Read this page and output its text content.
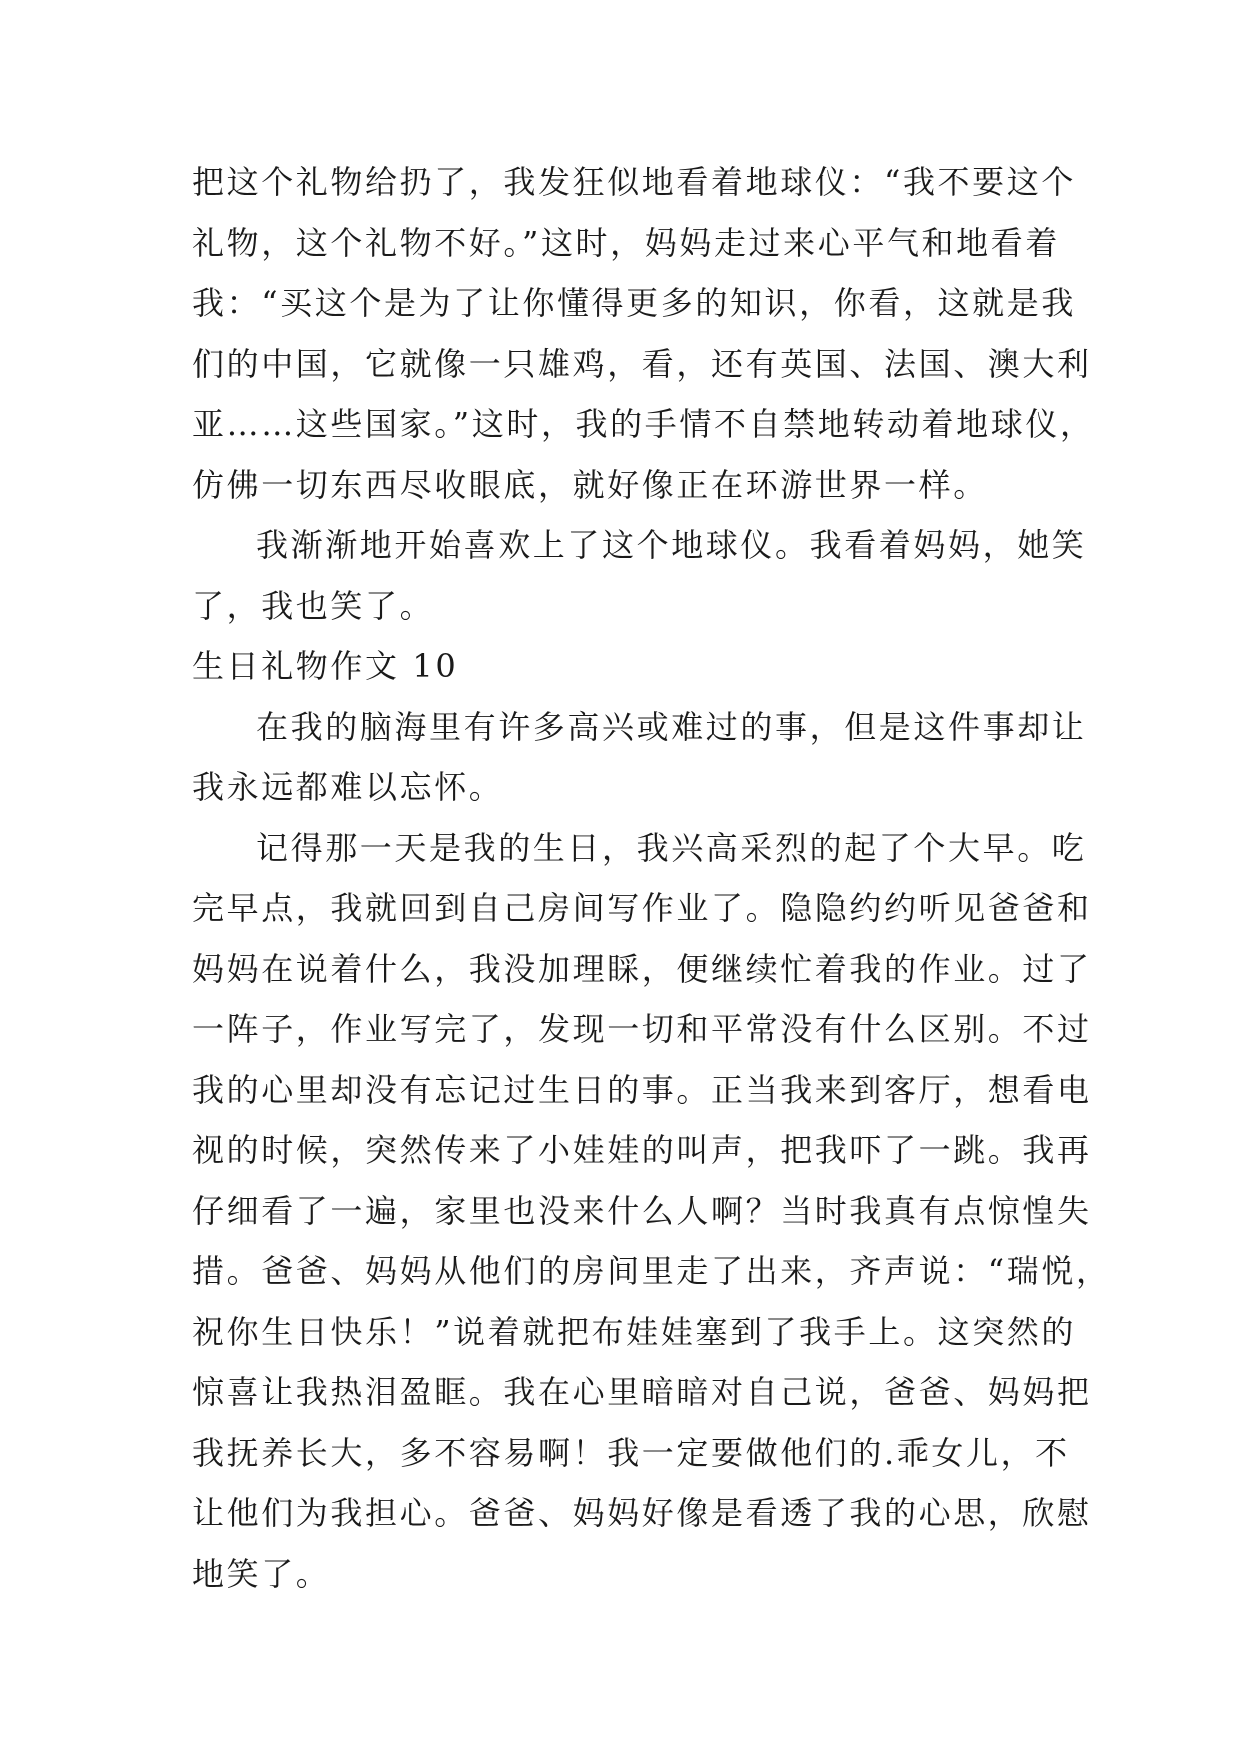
把这个礼物给扔了，我发狂似地看着地球仪：“我不要这个
礼物，这个礼物不好。”这时，妈妈走过来心平气和地看着
我：“买这个是为了让你懂得更多的知识，你看，这就是我
们的中国，它就像一只雄鸡，看，还有英国、法国、澳大利
亚……这些国家。”这时，我的手情不自禁地转动着地球仪，
仿佛一切东西尽收眼底，就好像正在环游世界一样。

我渐渐地开始喜欢上了这个地球仪。我看着妈妈，她笑
了，我也笑了。

生日礼物作文 10

在我的脑海里有许多高兴或难过的事，但是这件事却让
我永远都难以忘怀。

记得那一天是我的生日，我兴高采烈的起了个大早。吃
完早点，我就回到自己房间写作业了。隐隐约约听见爸爸和
妈妈在说着什么，我没加理睬，便继续忙着我的作业。过了
一阵子，作业写完了，发现一切和平常没有什么区别。不过
我的心里却没有忘记过生日的事。正当我来到客厅，想看电
视的时候，突然传来了小娃娃的叫声，把我吓了一跳。我再
仔细看了一遍，家里也没来什么人啊？当时我真有点惊惶失
措。爸爸、妈妈从他们的房间里走了出来，齐声说：“瑞悦，
祝你生日快乐！”说着就把布娃娃塞到了我手上。这突然的
惊喜让我热泪盈眶。我在心里暗暗对自己说，爸爸、妈妈把
我抚养长大，多不容易啊！我一定要做他们的.乖女儿，不
让他们为我担心。爸爸、妈妈好像是看透了我的心思，欣慰
地笑了。
